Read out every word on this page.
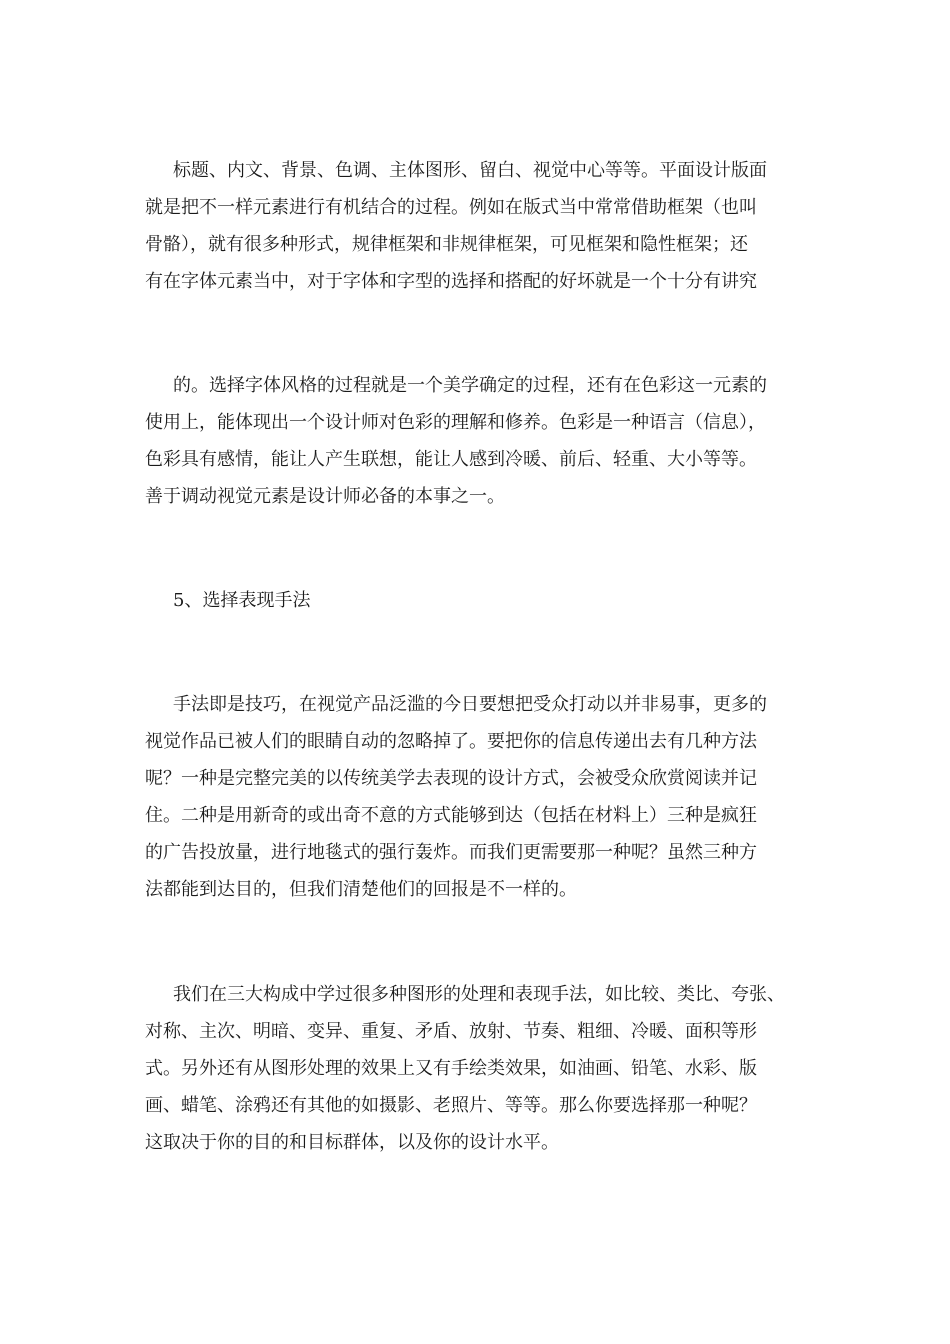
标题、内文、背景、色调、主体图形、留白、视觉中心等等。平面设计版面
就是把不一样元素进行有机结合的过程。例如在版式当中常常借助框架（也叫
骨骼），就有很多种形式，规律框架和非规律框架，可见框架和隐性框架；还
有在字体元素当中，对于字体和字型的选择和搭配的好坏就是一个十分有讲究

的。选择字体风格的过程就是一个美学确定的过程，还有在色彩这一元素的
使用上，能体现出一个设计师对色彩的理解和修养。色彩是一种语言（信息），
色彩具有感情，能让人产生联想，能让人感到冷暖、前后、轻重、大小等等。
善于调动视觉元素是设计师必备的本事之一。

5、选择表现手法

手法即是技巧，在视觉产品泛滥的今日要想把受众打动以并非易事，更多的
视觉作品已被人们的眼睛自动的忽略掉了。要把你的信息传递出去有几种方法
呢？一种是完整完美的以传统美学去表现的设计方式，会被受众欣赏阅读并记
住。二种是用新奇的或出奇不意的方式能够到达（包括在材料上）三种是疯狂
的广告投放量，进行地毯式的强行轰炸。而我们更需要那一种呢？虽然三种方
法都能到达目的，但我们清楚他们的回报是不一样的。

我们在三大构成中学过很多种图形的处理和表现手法，如比较、类比、夸张、
对称、主次、明暗、变异、重复、矛盾、放射、节奏、粗细、冷暖、面积等形
式。另外还有从图形处理的效果上又有手绘类效果，如油画、铅笔、水彩、版
画、蜡笔、涂鸦还有其他的如摄影、老照片、等等。那么你要选择那一种呢？
这取决于你的目的和目标群体，以及你的设计水平。
